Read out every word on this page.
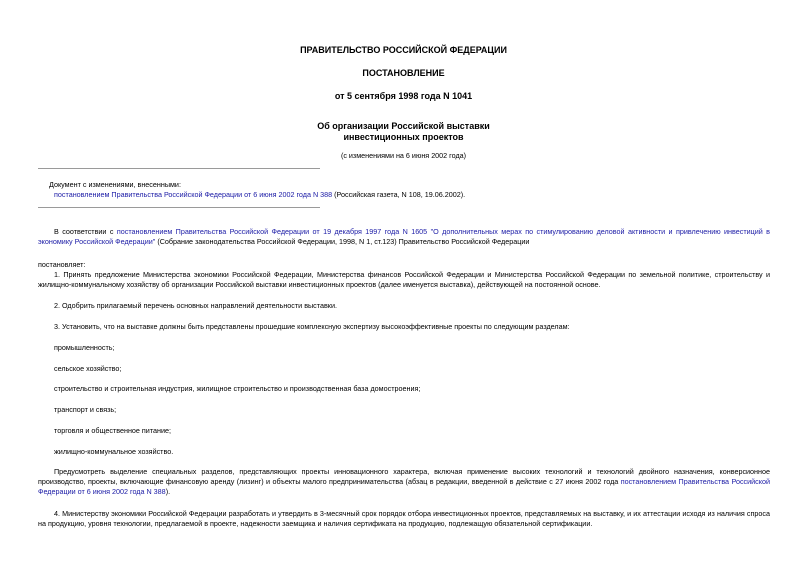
ПРАВИТЕЛЬСТВО РОССИЙСКОЙ ФЕДЕРАЦИИ
ПОСТАНОВЛЕНИЕ
от 5 сентября 1998 года N 1041
Об организации Российской выставки
инвестиционных проектов
(с изменениями на 6 июня 2002 года)
Документ с изменениями, внесенными:
постановлением Правительства Российской Федерации от 6 июня 2002 года N 388 (Российская газета, N 108, 19.06.2002).
В соответствии с постановлением Правительства Российской Федерации от 19 декабря 1997 года N 1605 "О дополнительных мерах по стимулированию деловой активности и привлечению инвестиций в экономику Российской Федерации" (Собрание законодательства Российской Федерации, 1998, N 1, ст.123) Правительство Российской Федерации
постановляет:
1. Принять предложение Министерства экономики Российской Федерации, Министерства финансов Российской Федерации и Министерства Российской Федерации по земельной политике, строительству и жилищно-коммунальному хозяйству об организации Российской выставки инвестиционных проектов (далее именуется выставка), действующей на постоянной основе.
2. Одобрить прилагаемый перечень основных направлений деятельности выставки.
3. Установить, что на выставке должны быть представлены прошедшие комплексную экспертизу высокоэффективные проекты по следующим разделам:
промышленность;
сельское хозяйство;
строительство и строительная индустрия, жилищное строительство и производственная база домостроения;
транспорт и связь;
торговля и общественное питание;
жилищно-коммунальное хозяйство.
Предусмотреть выделение специальных разделов, представляющих проекты инновационного характера, включая применение высоких технологий и технологий двойного назначения, конверсионное производство, проекты, включающие финансовую аренду (лизинг) и объекты малого предпринимательства (абзац в редакции, введенной в действие с 27 июня 2002 года постановлением Правительства Российской Федерации от 6 июня 2002 года N 388).
4. Министерству экономики Российской Федерации разработать и утвердить в 3-месячный срок порядок отбора инвестиционных проектов, представляемых на выставку, и их аттестации исходя из наличия спроса на продукцию, уровня технологии, предлагаемой в проекте, надежности заемщика и наличия сертификата на продукцию, подлежащую обязательной сертификации.
